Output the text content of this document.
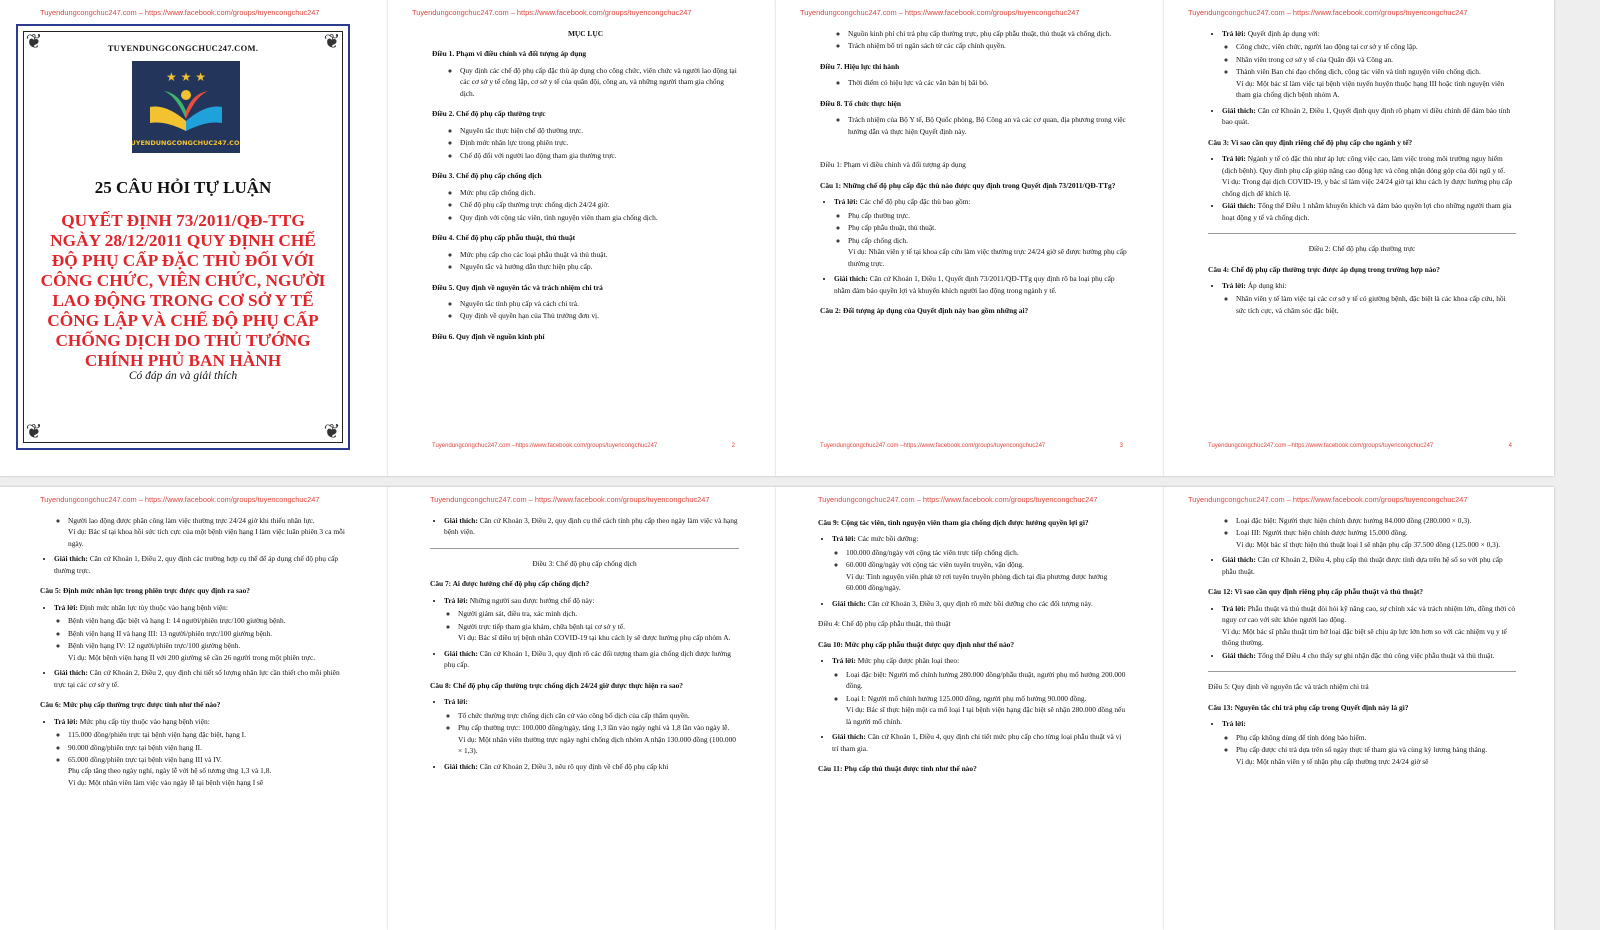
Tuyendungcongchuc247.com – https://www.facebook.com/groups/tuyencongchuc247
❦	❦
❦	❦
TUYENDUNGCONGCHUC247.COM.
★ ★ ★
TUYENDUNGCONGCHUC247.COM
25 CÂU HỎI TỰ LUẬN
QUYẾT ĐỊNH 73/2011/QĐ-TTG NGÀY 28/12/2011 QUY ĐỊNH CHẾ ĐỘ PHỤ CẤP ĐẶC THÙ ĐỐI VỚI CÔNG CHỨC, VIÊN CHỨC, NGƯỜI LAO ĐỘNG TRONG CƠ SỞ Y TẾ CÔNG LẬP VÀ CHẾ ĐỘ PHỤ CẤP CHỐNG DỊCH DO THỦ TƯỚNG CHÍNH PHỦ BAN HÀNH
Có đáp án và giải thích
Tuyendungcongchuc247.com – https://www.facebook.com/groups/tuyencongchuc247
MỤC LỤC
Điều 1. Phạm vi điều chỉnh và đối tượng áp dụng
◦ Quy định các chế độ phụ cấp đặc thù áp dụng cho công chức, viên chức và người lao động tại các cơ sở y tế công lập, cơ sở y tế của quân đội, công an, và những người tham gia chống dịch.
Điều 2. Chế độ phụ cấp thường trực
◦ Nguyên tắc thực hiện chế độ thường trực.
◦ Định mức nhân lực trong phiên trực.
◦ Chế độ đối với người lao động tham gia thường trực.
Điều 3. Chế độ phụ cấp chống dịch
◦ Mức phụ cấp chống dịch.
◦ Chế độ phụ cấp thường trực chống dịch 24/24 giờ.
◦ Quy định với cộng tác viên, tình nguyện viên tham gia chống dịch.
Điều 4. Chế độ phụ cấp phẫu thuật, thủ thuật
◦ Mức phụ cấp cho các loại phẫu thuật và thủ thuật.
◦ Nguyên tắc và hướng dẫn thực hiện phụ cấp.
Điều 5. Quy định về nguyên tắc và trách nhiệm chi trả
◦ Nguyên tắc tính phụ cấp và cách chi trả.
◦ Quy định về quyền hạn của Thủ trưởng đơn vị.
Điều 6. Quy định về nguồn kinh phí
Tuyendungcongchuc247.com –https://www.facebook.com/groups/tuyencongchuc247	2
Tuyendungcongchuc247.com – https://www.facebook.com/groups/tuyencongchuc247
◦ Nguồn kinh phí chi trả phụ cấp thường trực, phụ cấp phẫu thuật, thủ thuật và chống dịch.
◦ Trách nhiệm bố trí ngân sách từ các cấp chính quyền.
Điều 7. Hiệu lực thi hành
◦ Thời điểm có hiệu lực và các văn bản bị bãi bỏ.
Điều 8. Tổ chức thực hiện
◦ Trách nhiệm của Bộ Y tế, Bộ Quốc phòng, Bộ Công an và các cơ quan, địa phương trong việc hướng dẫn và thực hiện Quyết định này.
Điều 1: Phạm vi điều chỉnh và đối tượng áp dụng
Câu 1: Những chế độ phụ cấp đặc thù nào được quy định trong Quyết định 73/2011/QĐ-TTg?
• Trả lời: Các chế độ phụ cấp đặc thù bao gồm:
◦ Phụ cấp thường trực.
◦ Phụ cấp phẫu thuật, thủ thuật.
◦ Phụ cấp chống dịch.
Ví dụ: Nhân viên y tế tại khoa cấp cứu làm việc thường trực 24/24 giờ sẽ được hưởng phụ cấp thường trực.
• Giải thích: Căn cứ Khoản 1, Điều 1, Quyết định 73/2011/QĐ-TTg quy định rõ ba loại phụ cấp nhằm đảm bảo quyền lợi và khuyến khích người lao động trong ngành y tế.
Câu 2: Đối tượng áp dụng của Quyết định này bao gồm những ai?
Tuyendungcongchuc247.com –https://www.facebook.com/groups/tuyencongchuc247	3
Tuyendungcongchuc247.com – https://www.facebook.com/groups/tuyencongchuc247
• Trả lời: Quyết định áp dụng với:
◦ Công chức, viên chức, người lao động tại cơ sở y tế công lập.
◦ Nhân viên trong cơ sở y tế của Quân đội và Công an.
◦ Thành viên Ban chỉ đạo chống dịch, cộng tác viên và tình nguyện viên chống dịch.
Ví dụ: Một bác sĩ làm việc tại bệnh viện tuyến huyện thuộc hạng III hoặc tình nguyện viên tham gia chống dịch bệnh nhóm A.
• Giải thích: Căn cứ Khoản 2, Điều 1, Quyết định quy định rõ phạm vi điều chỉnh để đảm bảo tính bao quát.
Câu 3: Vì sao cần quy định riêng chế độ phụ cấp cho ngành y tế?
• Trả lời: Ngành y tế có đặc thù như áp lực công việc cao, làm việc trong môi trường nguy hiểm (dịch bệnh). Quy định phụ cấp giúp nâng cao động lực và công nhận đóng góp của đội ngũ y tế.
Ví dụ: Trong đại dịch COVID-19, y bác sĩ làm việc 24/24 giờ tại khu cách ly được hưởng phụ cấp chống dịch để khích lệ.
• Giải thích: Tổng thể Điều 1 nhằm khuyến khích và đảm bảo quyền lợi cho những người tham gia hoạt động y tế và chống dịch.
Điều 2: Chế độ phụ cấp thường trực
Câu 4: Chế độ phụ cấp thường trực được áp dụng trong trường hợp nào?
• Trả lời: Áp dụng khi:
◦ Nhân viên y tế làm việc tại các cơ sở y tế có giường bệnh, đặc biệt là các khoa cấp cứu, hồi sức tích cực, và chăm sóc đặc biệt.
Tuyendungcongchuc247.com –https://www.facebook.com/groups/tuyencongchuc247	4
Tuyendungcongchuc247.com – https://www.facebook.com/groups/tuyencongchuc247
◦ Người lao động được phân công làm việc thường trực 24/24 giờ khi thiếu nhân lực.
Ví dụ: Bác sĩ tại khoa hồi sức tích cực của một bệnh viện hạng I làm việc luân phiên 3 ca mỗi ngày.
• Giải thích: Căn cứ Khoản 1, Điều 2, quy định các trường hợp cụ thể để áp dụng chế độ phụ cấp thường trực.
Câu 5: Định mức nhân lực trong phiên trực được quy định ra sao?
• Trả lời: Định mức nhân lực tùy thuộc vào hạng bệnh viện:
◦ Bệnh viện hạng đặc biệt và hạng I: 14 người/phiên trực/100 giường bệnh.
◦ Bệnh viện hạng II và hạng III: 13 người/phiên trực/100 giường bệnh.
◦ Bệnh viện hạng IV: 12 người/phiên trực/100 giường bệnh.
Ví dụ: Một bệnh viện hạng II với 200 giường sẽ cần 26 người trong một phiên trực.
• Giải thích: Căn cứ Khoản 2, Điều 2, quy định chi tiết số lượng nhân lực cần thiết cho mỗi phiên trực tại các cơ sở y tế.
Câu 6: Mức phụ cấp thường trực được tính như thế nào?
• Trả lời: Mức phụ cấp tùy thuộc vào hạng bệnh viện:
◦ 115.000 đồng/phiên trực tại bệnh viện hạng đặc biệt, hạng I.
◦ 90.000 đồng/phiên trực tại bệnh viện hạng II.
◦ 65.000 đồng/phiên trực tại bệnh viện hạng III và IV.
Phụ cấp tăng theo ngày nghỉ, ngày lễ với hệ số tương ứng 1,3 và 1,8.
Ví dụ: Một nhân viên làm việc vào ngày lễ tại bệnh viện hạng I sẽ
Tuyendungcongchuc247.com – https://www.facebook.com/groups/tuyencongchuc247
• Giải thích: Căn cứ Khoản 3, Điều 2, quy định cụ thể cách tính phụ cấp theo ngày làm việc và hạng bệnh viện.
Điều 3: Chế độ phụ cấp chống dịch
Câu 7: Ai được hưởng chế độ phụ cấp chống dịch?
• Trả lời: Những người sau được hưởng chế độ này:
◦ Người giám sát, điều tra, xác minh dịch.
◦ Người trực tiếp tham gia khám, chữa bệnh tại cơ sở y tế.
Ví dụ: Bác sĩ điều trị bệnh nhân COVID-19 tại khu cách ly sẽ được hưởng phụ cấp nhóm A.
• Giải thích: Căn cứ Khoản 1, Điều 3, quy định rõ các đối tượng tham gia chống dịch được hưởng phụ cấp.
Câu 8: Chế độ phụ cấp thường trực chống dịch 24/24 giờ được thực hiện ra sao?
• Trả lời:
◦ Tổ chức thường trực chống dịch căn cứ vào công bố dịch của cấp thẩm quyền.
◦ Phụ cấp thường trực: 100.000 đồng/ngày, tăng 1,3 lần vào ngày nghỉ và 1,8 lần vào ngày lễ.
Ví dụ: Một nhân viên thường trực ngày nghỉ chống dịch nhóm A nhận 130.000 đồng (100.000 × 1,3).
• Giải thích: Căn cứ Khoản 2, Điều 3, nêu rõ quy định về chế độ phụ cấp khi
Tuyendungcongchuc247.com – https://www.facebook.com/groups/tuyencongchuc247
Câu 9: Cộng tác viên, tình nguyện viên tham gia chống dịch được hưởng quyền lợi gì?
• Trả lời: Các mức bồi dưỡng:
◦ 100.000 đồng/ngày với cộng tác viên trực tiếp chống dịch.
◦ 60.000 đồng/ngày với cộng tác viên tuyên truyền, vận động.
Ví dụ: Tình nguyện viên phát tờ rơi tuyên truyền phòng dịch tại địa phương được hưởng 60.000 đồng/ngày.
• Giải thích: Căn cứ Khoản 3, Điều 3, quy định rõ mức bồi dưỡng cho các đối tượng này.
Điều 4: Chế độ phụ cấp phẫu thuật, thủ thuật
Câu 10: Mức phụ cấp phẫu thuật được quy định như thế nào?
• Trả lời: Mức phụ cấp được phân loại theo:
◦ Loại đặc biệt: Người mổ chính hưởng 280.000 đồng/phẫu thuật, người phụ mổ hưởng 200.000 đồng.
◦ Loại I: Người mổ chính hưởng 125.000 đồng, người phụ mổ hưởng 90.000 đồng.
Ví dụ: Bác sĩ thực hiện một ca mổ loại I tại bệnh viện hạng đặc biệt sẽ nhận 280.000 đồng nếu là người mổ chính.
• Giải thích: Căn cứ Khoản 1, Điều 4, quy định chi tiết mức phụ cấp cho từng loại phẫu thuật và vị trí tham gia.
Câu 11: Phụ cấp thủ thuật được tính như thế nào?
Tuyendungcongchuc247.com – https://www.facebook.com/groups/tuyencongchuc247
◦ Loại đặc biệt: Người thực hiện chính được hưởng 84.000 đồng (280.000 × 0,3).
◦ Loại III: Người thực hiện chính được hưởng 15.000 đồng.
Ví dụ: Một bác sĩ thực hiện thủ thuật loại I sẽ nhận phụ cấp 37.500 đồng (125.000 × 0,3).
• Giải thích: Căn cứ Khoản 2, Điều 4, phụ cấp thủ thuật được tính dựa trên hệ số so với phụ cấp phẫu thuật.
Câu 12: Vì sao cần quy định riêng phụ cấp phẫu thuật và thủ thuật?
• Trả lời: Phẫu thuật và thủ thuật đòi hỏi kỹ năng cao, sự chính xác và trách nhiệm lớn, đồng thời có nguy cơ cao với sức khỏe người lao động.
Ví dụ: Một bác sĩ phẫu thuật tim hở loại đặc biệt sẽ chịu áp lực lớn hơn so với các nhiệm vụ y tế thông thường.
• Giải thích: Tổng thể Điều 4 cho thấy sự ghi nhận đặc thù công việc phẫu thuật và thủ thuật.
Điều 5: Quy định về nguyên tắc và trách nhiệm chi trả
Câu 13: Nguyên tắc chi trả phụ cấp trong Quyết định này là gì?
• Trả lời:
◦ Phụ cấp không dùng để tính đóng bảo hiểm.
◦ Phụ cấp được chi trả dựa trên số ngày thực tế tham gia và cùng kỳ lương hàng tháng.
Ví dụ: Một nhân viên y tế nhận phụ cấp thường trực 24/24 giờ sẽ
